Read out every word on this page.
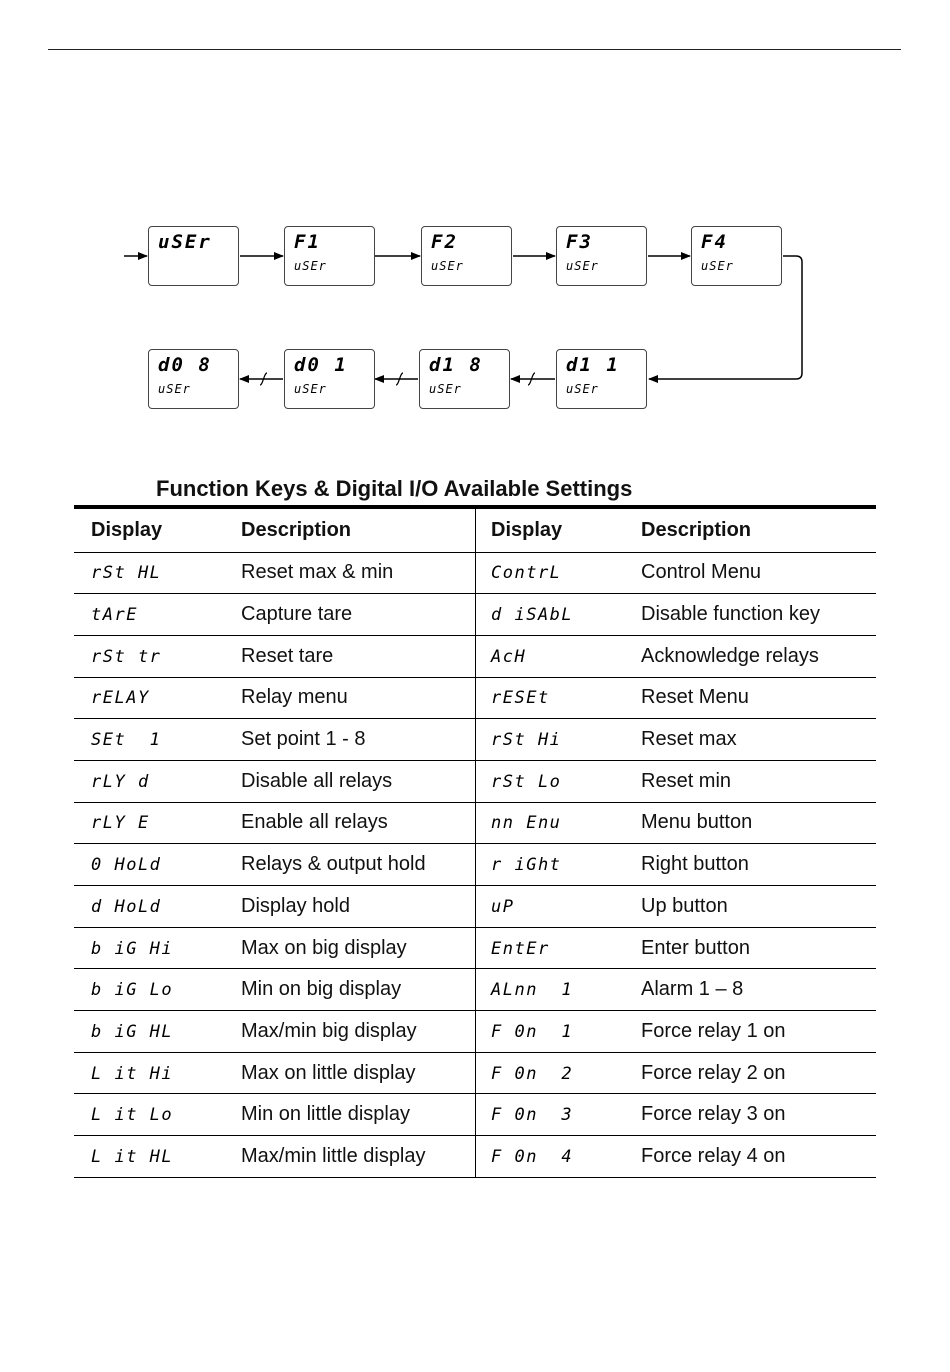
uSEr	F1
uSEr
F2
uSEr
F3
uSEr
F4
uSEr
d0 8
uSEr
d0 1
uSEr
d1 8
uSEr
d1 1
uSEr
Function Keys & Digital I/O Available Settings
Display	Description	Display	Description
rSt HL	Reset max & min	ContrL	Control Menu
tArE	Capture tare	d iSAbL	Disable function key
rSt tr	Reset tare	AcH	Acknowledge relays
rELAY	Relay menu	rESEt	Reset Menu
SEt  1	Set point 1 - 8	rSt Hi	Reset max
rLY d	Disable all relays	rSt Lo	Reset min
rLY E	Enable all relays	nn Enu	Menu button
0 HoLd	Relays & output hold	r iGht	Right button
d HoLd	Display hold	uP	Up button
b iG Hi	Max on big display	EntEr	Enter button
b iG Lo	Min on big display	ALnn  1	Alarm 1 – 8
b iG HL	Max/min big display	F 0n  1	Force relay 1 on
L it Hi	Max on little display	F 0n  2	Force relay 2 on
L it Lo	Min on little display	F 0n  3	Force relay 3 on
L it HL	Max/min little display	F 0n  4	Force relay 4 on
